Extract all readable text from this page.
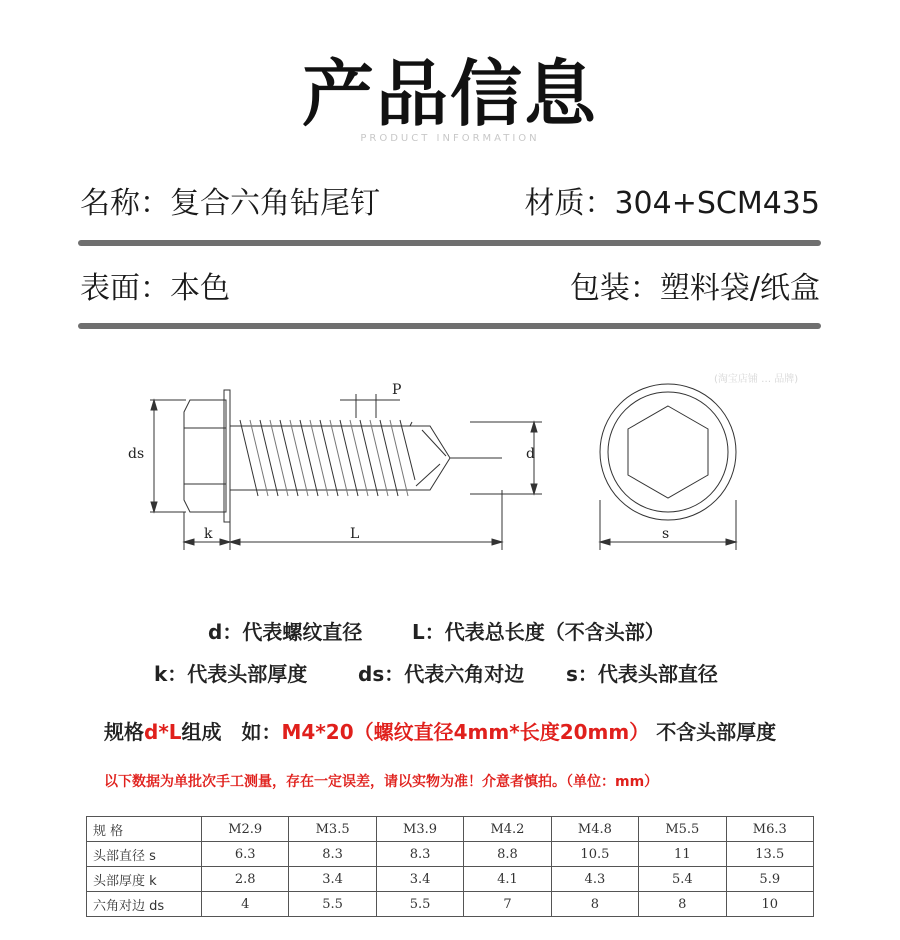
产品信息
PRODUCT INFORMATION
名称：复合六角钻尾钉	材质：304+SCM435
表面：本色	包装：塑料袋/纸盒
(淘宝店铺 … 品牌)
ds
P
d
k	L	s
d：代表螺纹直径 L：代表总长度（不含头部）
k：代表头部厚度	ds：代表六角对边 s：代表头部直径
规格d*L组成　如：M4*20（螺纹直径4mm*长度20mm） 不含头部厚度
以下数据为单批次手工测量，存在一定误差，请以实物为准！介意者慎拍。（单位：mm）
规 格	M2.9	M3.5	M3.9	M4.2	M4.8	M5.5	M6.3
头部直径 s	6.3	8.3	8.3	8.8	10.5	11	13.5
头部厚度 k	2.8	3.4	3.4	4.1	4.3	5.4	5.9
六角对边 ds	4	5.5	5.5	7	8	8	10
